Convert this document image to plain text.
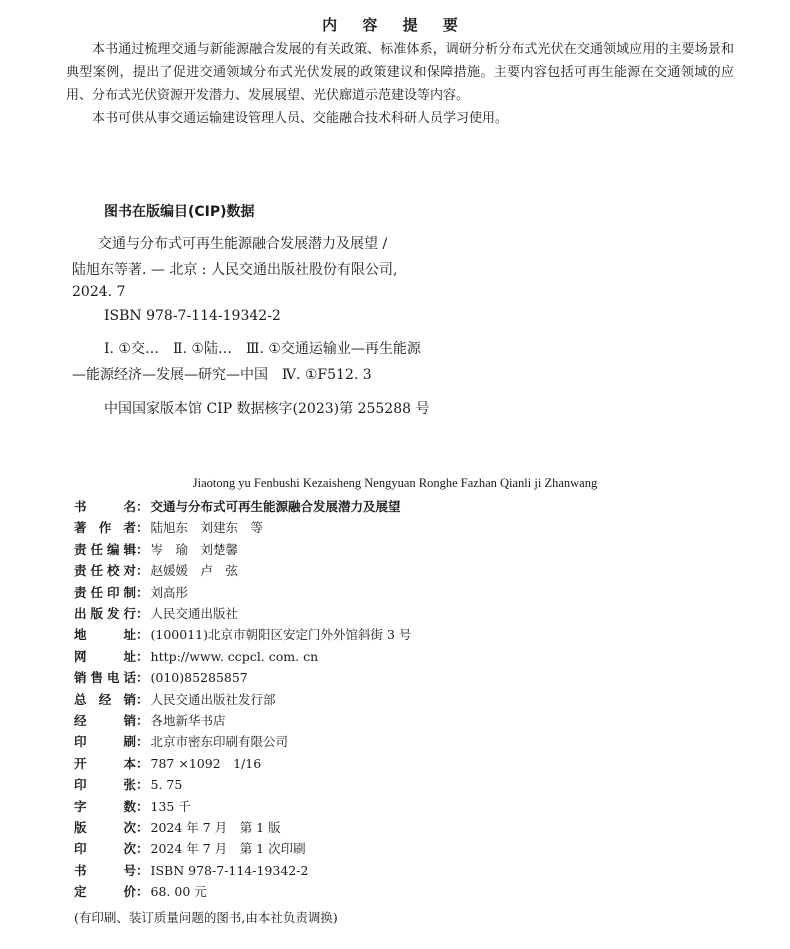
内 容 提 要

本书通过梳理交通与新能源融合发展的有关政策、标准体系，调研分析分布式光伏在交通领域应用的主要场景和典型案例，提出了促进交通领域分布式光伏发展的政策建议和保障措施。主要内容包括可再生能源在交通领域的应用、分布式光伏资源开发潜力、发展展望、光伏廊道示范建设等内容。

本书可供从事交通运输建设管理人员、交能融合技术科研人员学习使用。

图书在版编目(CIP)数据
交通与分布式可再生能源融合发展潜力及展望 /
陆旭东等著. — 北京 : 人民交通出版社股份有限公司,
2024. 7
ISBN 978-7-114-19342-2
Ⅰ. ①交…　Ⅱ. ①陆…　Ⅲ. ①交通运输业—再生能源
—能源经济—发展—研究—中国　Ⅳ. ①F512. 3
中国国家版本馆 CIP 数据核字(2023)第 255288 号
Jiaotong yu Fenbushi Kezaisheng Nengyuan Ronghe Fazhan Qianli ji Zhanwang
书名： 交通与分布式可再生能源融合发展潜力及展望
著作者： 陆旭东　刘建东　等
责任编辑： 岑　瑜　刘楚馨
责任校对： 赵媛媛　卢　弦
责任印制： 刘高彤
出版发行： 人民交通出版社
地址： (100011)北京市朝阳区安定门外外馆斜街 3 号
网址： http://www. ccpcl. com. cn
销售电话： (010)85285857
总经销： 人民交通出版社发行部
经销： 各地新华书店
印刷： 北京市密东印刷有限公司
开本： 787 ×1092　1/16
印张： 5. 75
字数： 135 千
版次： 2024 年 7 月　第 1 版
印次： 2024 年 7 月　第 1 次印刷
书号： ISBN 978-7-114-19342-2
定价： 68. 00 元
(有印刷、装订质量问题的图书,由本社负责调换)
